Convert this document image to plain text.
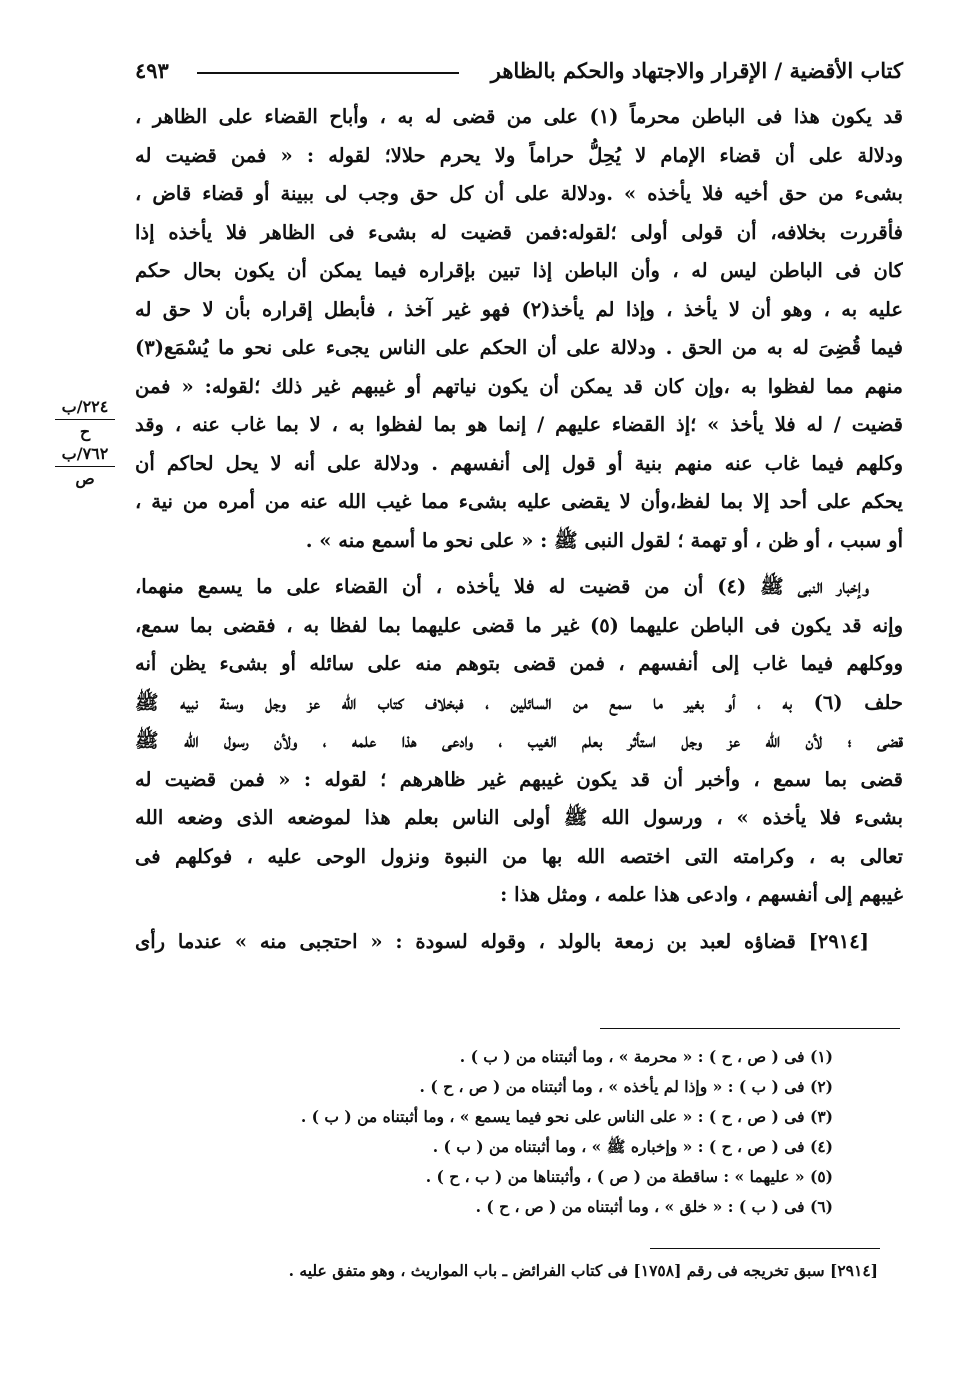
كتاب الأقضية / الإقرار والاجتهاد والحكم بالظاهر
٤٩٣
قد يكون هذا فى الباطن محرماً (١) على من قضى له به ، وأباح القضاء على الظاهر ،
ودلالة على أن قضاء الإمام لا يُحِلُّ حراماً ولا يحرم حلالا؛ لقوله : « فمن قضيت له
بشىء من حق أخيه فلا يأخذه » .ودلالة على أن كل حق وجب لى ببينة أو قضاء قاض ،
فأقررت بخلافه، أن قولى أولى ؛لقوله:فمن قضيت له بشىء فى الظاهر فلا يأخذه إذا
كان فى الباطن ليس له ، وأن الباطن إذا تبين بإقراره فيما يمكن أن يكون بحال حكم
عليه به ، وهو أن لا يأخذ ، وإذا لم يأخذ(٢) فهو غير آخذ ، فأبطل إقراره بأن لا حق له
فيما قُضِىَ له به من الحق . ودلالة على أن الحكم على الناس يجىء على نحو ما يُسْمَع(٣)
منهم مما لفظوا به ،وإن كان قد يمكن أن يكون نياتهم أو غيبهم غير ذلك ؛لقوله: « فمن
قضيت / له فلا يأخذ » ؛إذ القضاء عليهم / إنما هو بما لفظوا به ، لا بما غاب عنه ، وقد
وكلهم فيما غاب عنه منهم بنية أو قول إلى أنفسهم . ودلالة على أنه لا يحل لحاكم أن
يحكم على أحد إلا بما لفظ،وأن لا يقضى عليه بشىء مما غيب الله عنه من أمره من نية ،
أو سبب ، أو ظن ، أو تهمة ؛ لقول النبى ﷺ : « على نحو ما أسمع منه » .
وإخبار النبى ﷺ (٤) أن من قضيت له فلا يأخذه ، أن القضاء على ما يسمع منهما،
وإنه قد يكون فى الباطن عليهما (٥) غير ما قضى عليهما بما لفظا به ، فقضى بما سمع،
ووكلهم فيما غاب إلى أنفسهم ، فمن قضى بتوهم منه على سائله أو بشىء يظن أنه
حلف (٦) به ، أو بغير ما سمع من السائلين ، فبخلاف كتاب الله عز وجل وسنة نبيه ﷺ
قضى ؛ لأن الله عز وجل استأثر بعلم الغيب ، وادعى هذا علمه ، ولأن رسول الله ﷺ
قضى بما سمع ، وأخبر أن قد يكون غيبهم غير ظاهرهم ؛ لقوله : « فمن قضيت له
بشىء فلا يأخذه » ، ورسول الله ﷺ أولى الناس بعلم هذا لموضعه الذى وضعه الله
تعالى به ، وكرامته التى اختصه الله بها من النبوة ونزول الوحى عليه ، فوكلهم فى
غيبهم إلى أنفسهم ، وادعى هذا علمه ، ومثل هذا :
[٢٩١٤] قضاؤه لعبد بن زمعة بالولد ، وقوله لسودة : « احتجبى منه » عندما رأى
٢٢٤/ب
ح
٧٦٢/ب
ص
(١) فى ( ص ، ح ) : « محرمة » ، وما أثبتناه من ( ب ) .
(٢) فى ( ب ) : « وإذا لم يأخذه » ، وما أثبتناه من ( ص ، ح ) .
(٣) فى ( ص ، ح ) : « على الناس على نحو فيما يسمع » ، وما أثبتناه من ( ب ) .
(٤) فى ( ص ، ح ) : « وإخباره ﷺ » ، وما أثبتناه من ( ب ) .
(٥) « عليهما » : ساقطة من ( ص ) ، وأثبتناها من ( ب ، ح ) .
(٦) فى ( ب ) : « خلق » ، وما أثبتناه من ( ص ، ح ) .
[٢٩١٤] سبق تخريجه فى رقم [١٧٥٨] فى كتاب الفرائض ـ باب المواريث ، وهو متفق عليه .
